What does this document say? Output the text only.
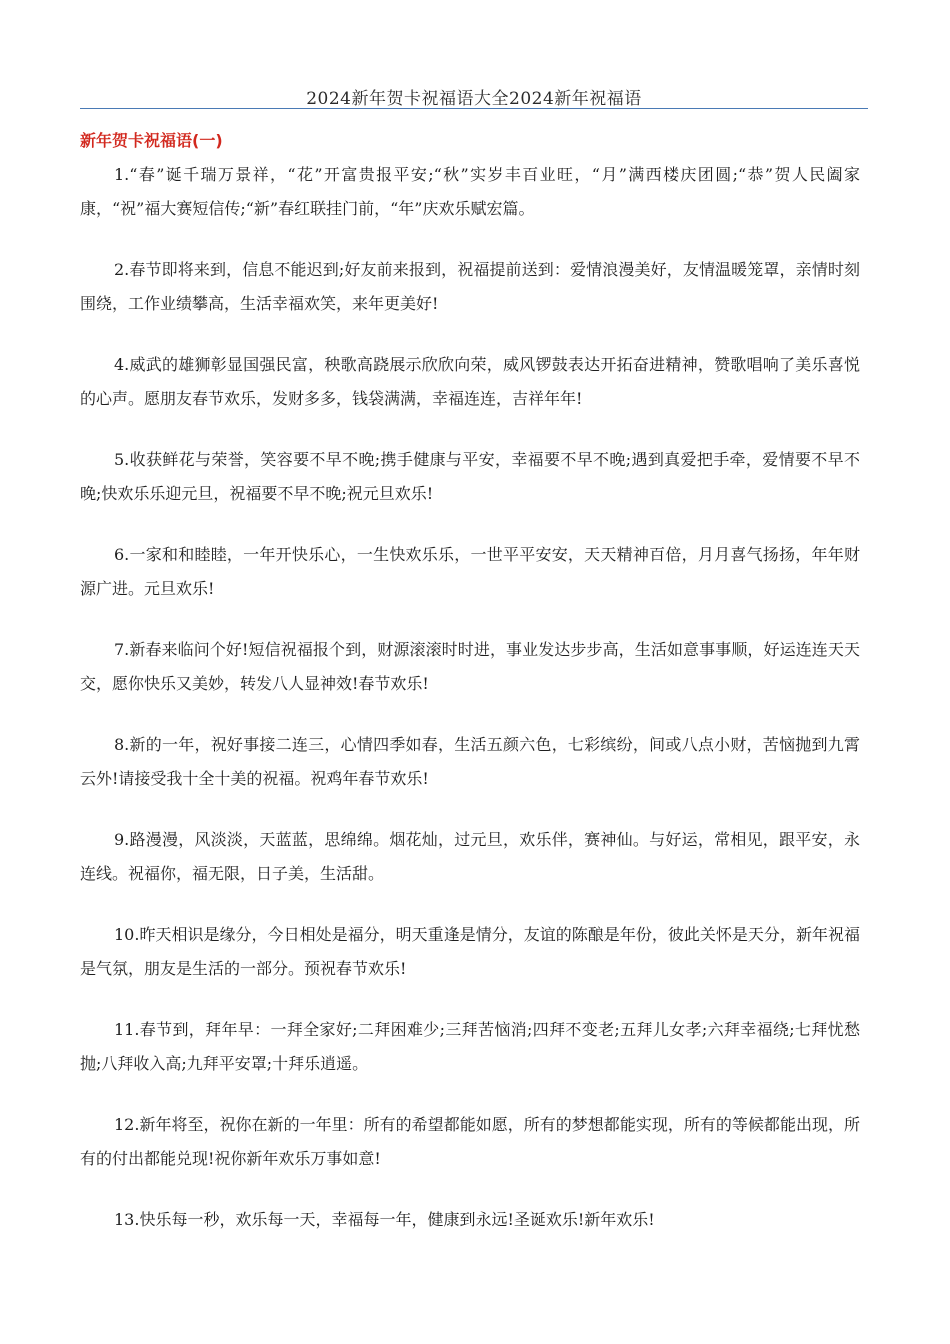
2024新年贺卡祝福语大全2024新年祝福语
新年贺卡祝福语(一)
1.“春”诞千瑞万景祥，“花”开富贵报平安;“秋”实岁丰百业旺，“月”满西楼庆团圆;“恭”贺人民阖家康，“祝”福大赛短信传;“新”春红联挂门前，“年”庆欢乐赋宏篇。
2.春节即将来到，信息不能迟到;好友前来报到，祝福提前送到：爱情浪漫美好，友情温暖笼罩，亲情时刻围绕，工作业绩攀高，生活幸福欢笑，来年更美好!
4.威武的雄狮彰显国强民富，秧歌高跷展示欣欣向荣，威风锣鼓表达开拓奋进精神，赞歌唱响了美乐喜悦的心声。愿朋友春节欢乐，发财多多，钱袋满满，幸福连连，吉祥年年!
5.收获鲜花与荣誉，笑容要不早不晚;携手健康与平安，幸福要不早不晚;遇到真爱把手牵，爱情要不早不晚;快欢乐乐迎元旦，祝福要不早不晚;祝元旦欢乐!
6.一家和和睦睦，一年开快乐心，一生快欢乐乐，一世平平安安，天天精神百倍，月月喜气扬扬，年年财源广进。元旦欢乐!
7.新春来临问个好!短信祝福报个到，财源滚滚时时进，事业发达步步高，生活如意事事顺，好运连连天天交，愿你快乐又美妙，转发八人显神效!春节欢乐!
8.新的一年，祝好事接二连三，心情四季如春，生活五颜六色，七彩缤纷，间或八点小财，苦恼抛到九霄云外!请接受我十全十美的祝福。祝鸡年春节欢乐!
9.路漫漫，风淡淡，天蓝蓝，思绵绵。烟花灿，过元旦，欢乐伴，赛神仙。与好运，常相见，跟平安，永连线。祝福你，福无限，日子美，生活甜。
10.昨天相识是缘分，今日相处是福分，明天重逢是情分，友谊的陈酿是年份，彼此关怀是天分，新年祝福是气氛，朋友是生活的一部分。预祝春节欢乐!
11.春节到，拜年早：一拜全家好;二拜困难少;三拜苦恼消;四拜不变老;五拜儿女孝;六拜幸福绕;七拜忧愁抛;八拜收入高;九拜平安罩;十拜乐逍遥。
12.新年将至，祝你在新的一年里：所有的希望都能如愿，所有的梦想都能实现，所有的等候都能出现，所有的付出都能兑现!祝你新年欢乐万事如意!
13.快乐每一秒，欢乐每一天，幸福每一年，健康到永远!圣诞欢乐!新年欢乐!
